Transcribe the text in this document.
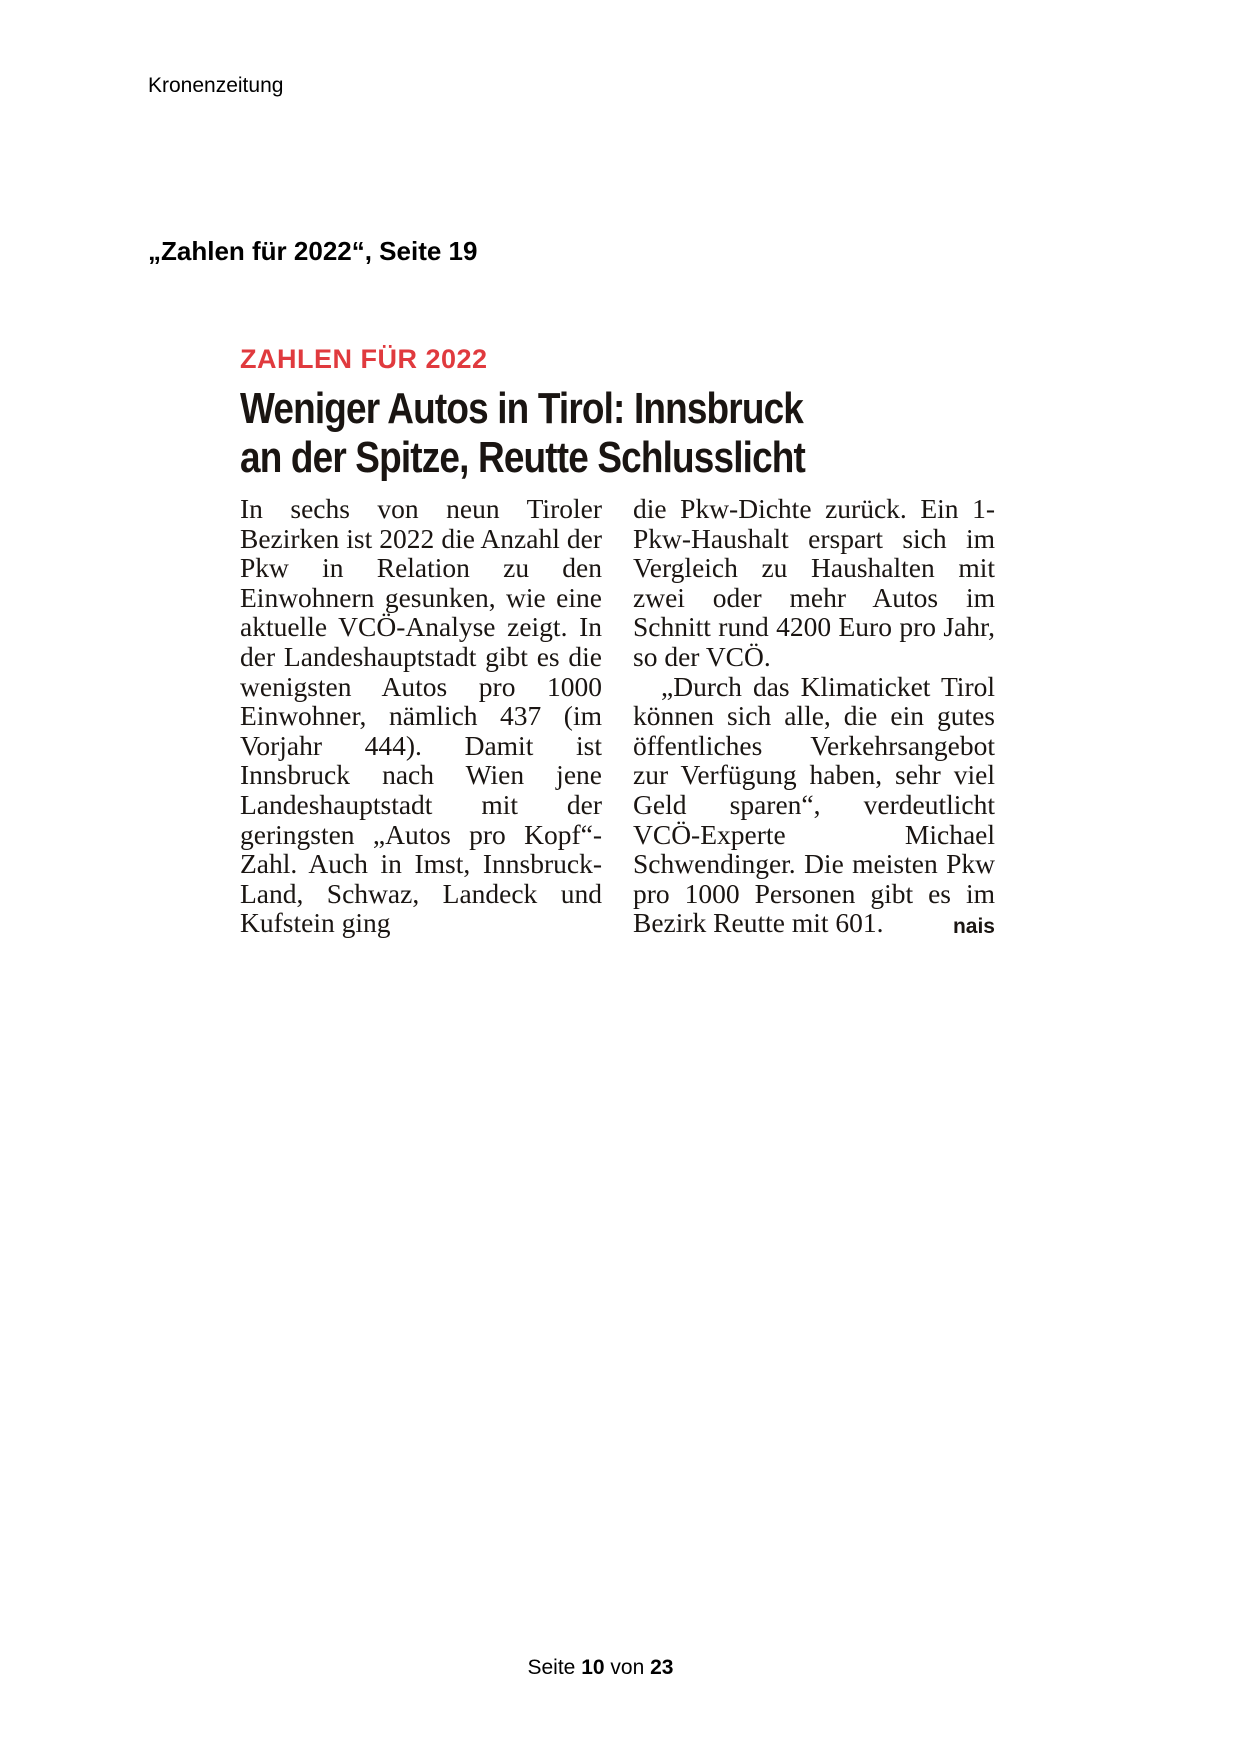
Kronenzeitung
„Zahlen für 2022“, Seite 19
ZAHLEN FÜR 2022
Weniger Autos in Tirol: Innsbruck
an der Spitze, Reutte Schlusslicht

In sechs von neun Tiroler Bezirken ist 2022 die Anzahl der Pkw in Relation zu den Einwohnern gesunken, wie eine aktuelle VCÖ-Analyse zeigt. In der Landeshauptstadt gibt es die wenigsten Autos pro 1000 Einwohner, nämlich 437 (im Vorjahr 444). Damit ist Innsbruck nach Wien jene Landeshauptstadt mit der geringsten „Autos pro Kopf“-Zahl. Auch in Imst, Innsbruck-Land, Schwaz, Landeck und Kufstein ging

die Pkw-Dichte zurück. Ein 1-Pkw-Haushalt erspart sich im Vergleich zu Haushalten mit zwei oder mehr Autos im Schnitt rund 4200 Euro pro Jahr, so der VCÖ.

„Durch das Klimaticket Tirol können sich alle, die ein gutes öffentliches Verkehrsangebot zur Verfügung haben, sehr viel Geld sparen“, verdeutlicht VCÖ-Experte Michael Schwendinger. Die meisten Pkw pro 1000 Personen gibt es im Bezirk Reutte mit 601.	nais

Seite 10 von 23
